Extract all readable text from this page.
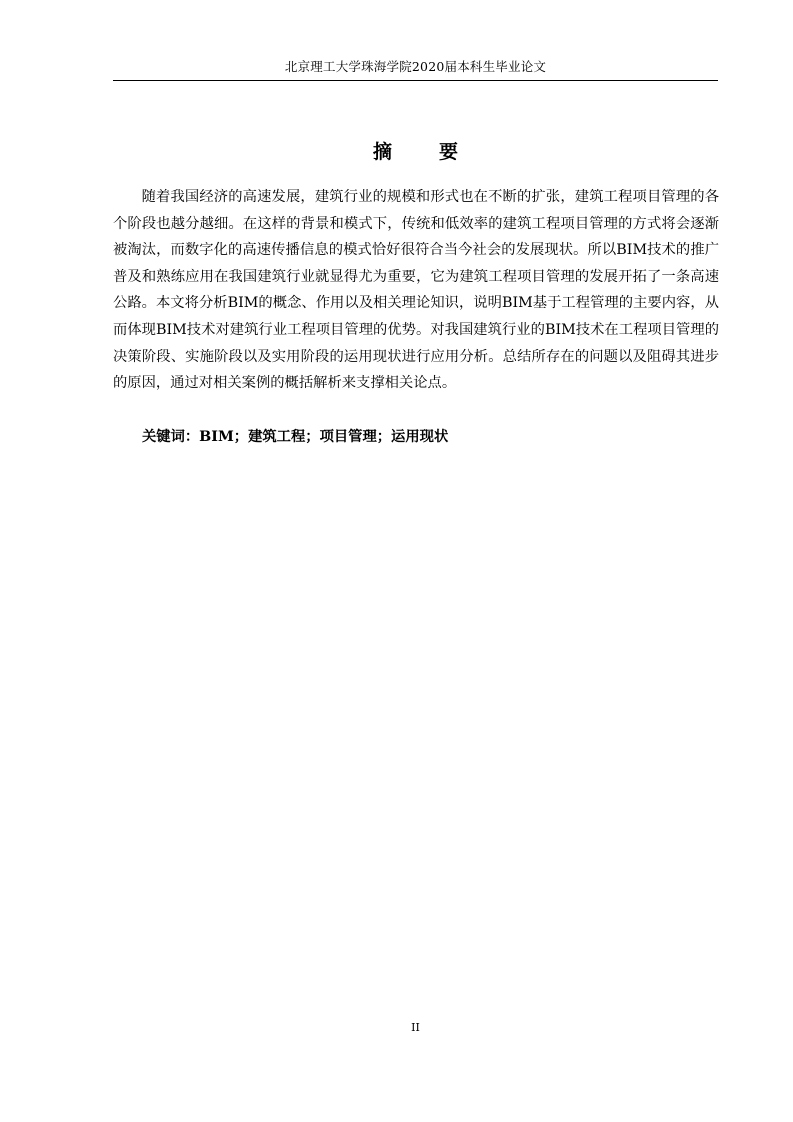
北京理工大学珠海学院2020届本科生毕业论文
摘　要

随着我国经济的高速发展，建筑行业的规模和形式也在不断的扩张，建筑工程项目管理的各个阶段也越分越细。在这样的背景和模式下，传统和低效率的建筑工程项目管理的方式将会逐渐被淘汰，而数字化的高速传播信息的模式恰好很符合当今社会的发展现状。所以BIM技术的推广普及和熟练应用在我国建筑行业就显得尤为重要，它为建筑工程项目管理的发展开拓了一条高速公路。本文将分析BIM的概念、作用以及相关理论知识，说明BIM基于工程管理的主要内容，从而体现BIM技术对建筑行业工程项目管理的优势。对我国建筑行业的BIM技术在工程项目管理的决策阶段、实施阶段以及实用阶段的运用现状进行应用分析。总结所存在的问题以及阻碍其进步的原因，通过对相关案例的概括解析来支撑相关论点。

关键词：BIM；建筑工程；项目管理；运用现状
II
